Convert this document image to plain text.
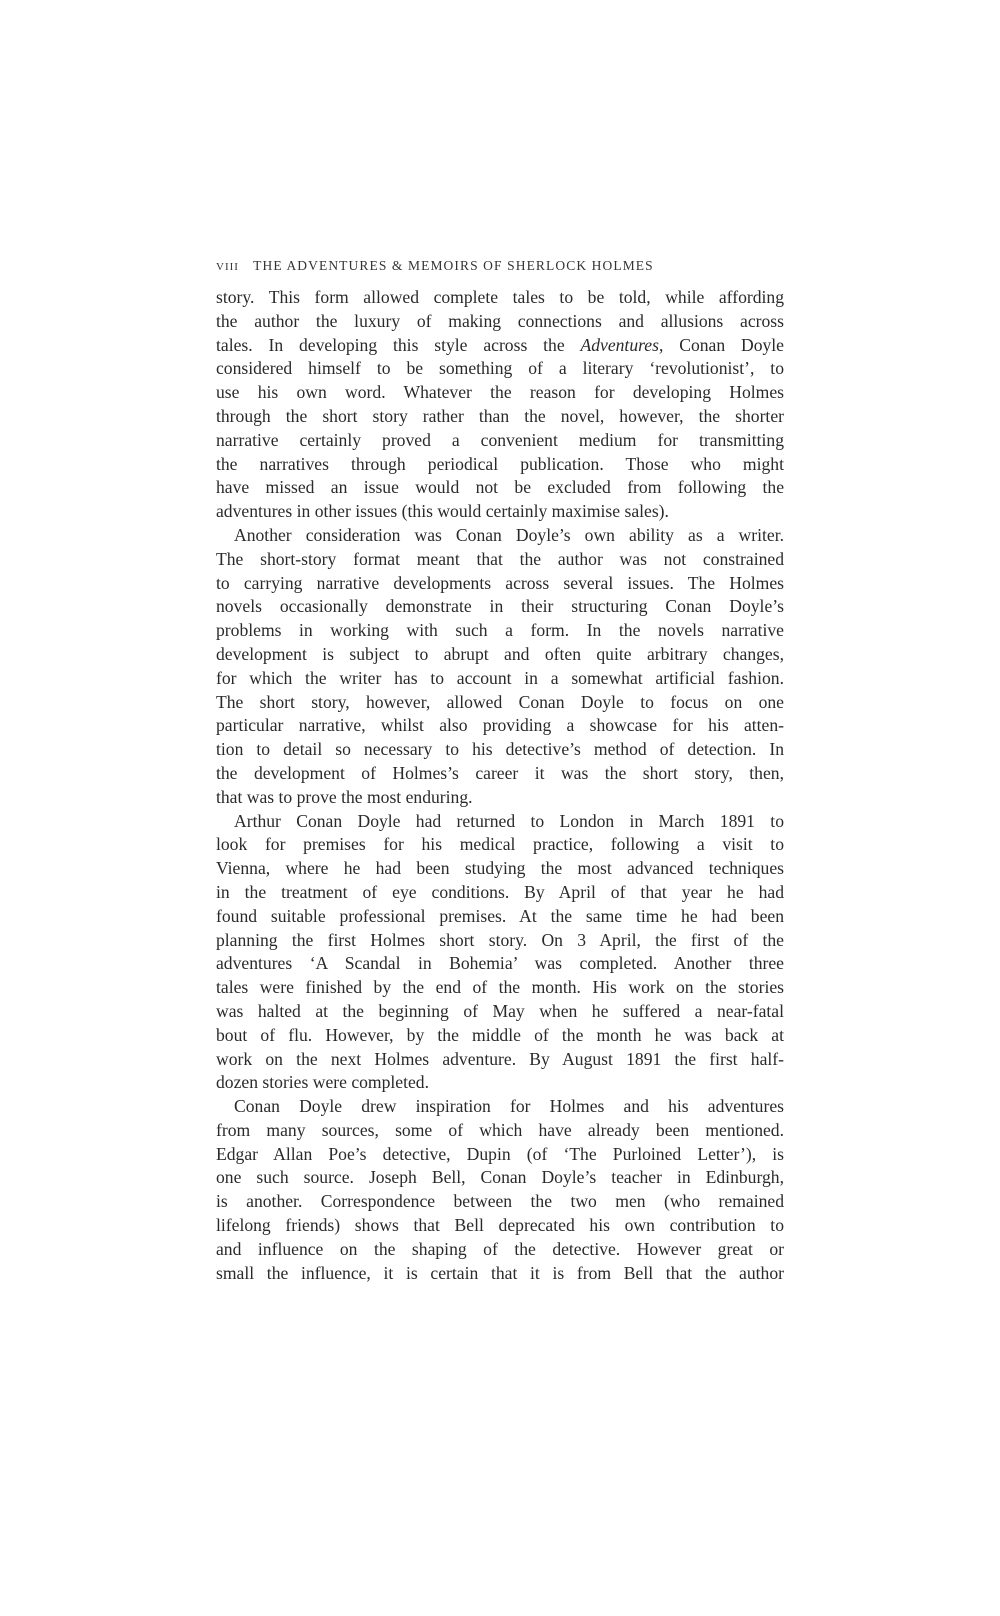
VIII THE ADVENTURES & MEMOIRS OF SHERLOCK HOLMES
story. This form allowed complete tales to be told, while affording
the author the luxury of making connections and allusions across
tales. In developing this style across the Adventures, Conan Doyle
considered himself to be something of a literary ‘revolutionist’, to
use his own word. Whatever the reason for developing Holmes
through the short story rather than the novel, however, the shorter
narrative certainly proved a convenient medium for transmitting
the narratives through periodical publication. Those who might
have missed an issue would not be excluded from following the
adventures in other issues (this would certainly maximise sales).
Another consideration was Conan Doyle’s own ability as a writer.
The short-story format meant that the author was not constrained
to carrying narrative developments across several issues. The Holmes
novels occasionally demonstrate in their structuring Conan Doyle’s
problems in working with such a form. In the novels narrative
development is subject to abrupt and often quite arbitrary changes,
for which the writer has to account in a somewhat artificial fashion.
The short story, however, allowed Conan Doyle to focus on one
particular narrative, whilst also providing a showcase for his atten-
tion to detail so necessary to his detective’s method of detection. In
the development of Holmes’s career it was the short story, then,
that was to prove the most enduring.
Arthur Conan Doyle had returned to London in March 1891 to
look for premises for his medical practice, following a visit to
Vienna, where he had been studying the most advanced techniques
in the treatment of eye conditions. By April of that year he had
found suitable professional premises. At the same time he had been
planning the first Holmes short story. On 3 April, the first of the
adventures ‘A Scandal in Bohemia’ was completed. Another three
tales were finished by the end of the month. His work on the stories
was halted at the beginning of May when he suffered a near-fatal
bout of flu. However, by the middle of the month he was back at
work on the next Holmes adventure. By August 1891 the first half-
dozen stories were completed.
Conan Doyle drew inspiration for Holmes and his adventures
from many sources, some of which have already been mentioned.
Edgar Allan Poe’s detective, Dupin (of ‘The Purloined Letter’), is
one such source. Joseph Bell, Conan Doyle’s teacher in Edinburgh,
is another. Correspondence between the two men (who remained
lifelong friends) shows that Bell deprecated his own contribution to
and influence on the shaping of the detective. However great or
small the influence, it is certain that it is from Bell that the author
